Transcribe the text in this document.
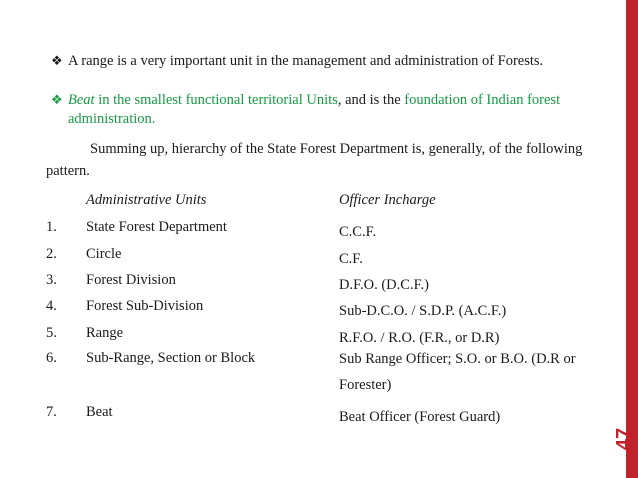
47
❖ A range is a very important unit in the management and administration of Forests.
❖ Beat in the smallest functional territorial Units, and is the foundation of Indian forest administration.
Summing up, hierarchy of the State Forest Department is, generally, of the following pattern.
Administrative Units	Officer Incharge
1. State Forest Department	C.C.F.
2. Circle	C.F.
3. Forest Division	D.F.O. (D.C.F.)
4. Forest Sub-Division	Sub-D.C.O. / S.D.P. (A.C.F.)
5. Range	R.F.O. / R.O. (F.R., or D.R)
6. Sub-Range, Section or Block	Sub Range Officer; S.O. or B.O. (D.R or Forester)
7. Beat	Beat Officer (Forest Guard)
